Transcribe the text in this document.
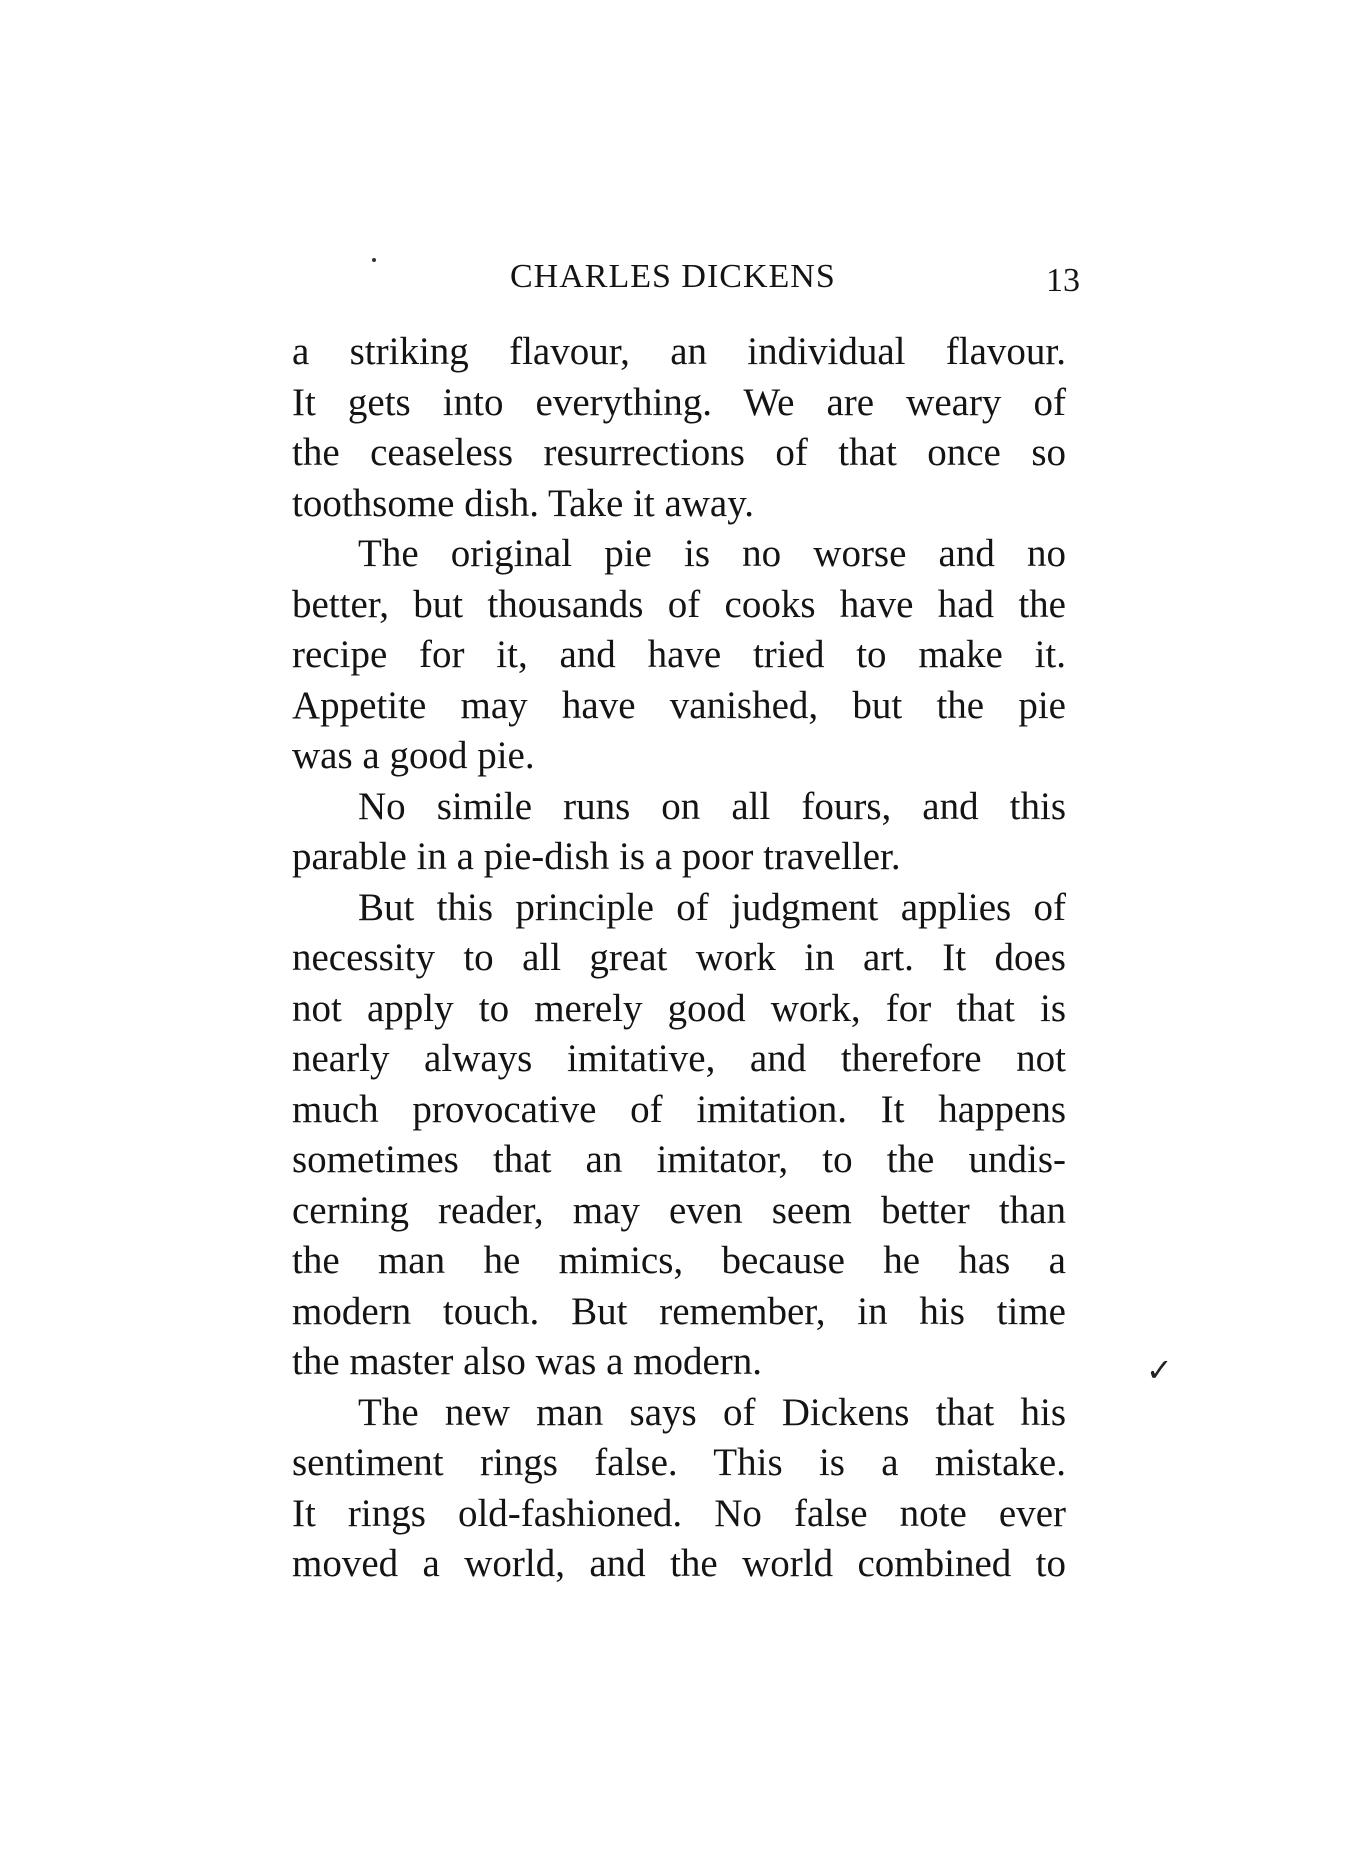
CHARLES DICKENS	13
a striking flavour, an individual flavour.
It gets into everything. We are weary of
the ceaseless resurrections of that once so
toothsome dish. Take it away.
The original pie is no worse and no
better, but thousands of cooks have had the
recipe for it, and have tried to make it.
Appetite may have vanished, but the pie
was a good pie.
No simile runs on all fours, and this
parable in a pie-dish is a poor traveller.
But this principle of judgment applies of
necessity to all great work in art. It does
not apply to merely good work, for that is
nearly always imitative, and therefore not
much provocative of imitation. It happens
sometimes that an imitator, to the undis-
cerning reader, may even seem better than
the man he mimics, because he has a
modern touch. But remember, in his time
the master also was a modern.
The new man says of Dickens that his
sentiment rings false. This is a mistake.
It rings old-fashioned. No false note ever
moved a world, and the world combined to
✓
